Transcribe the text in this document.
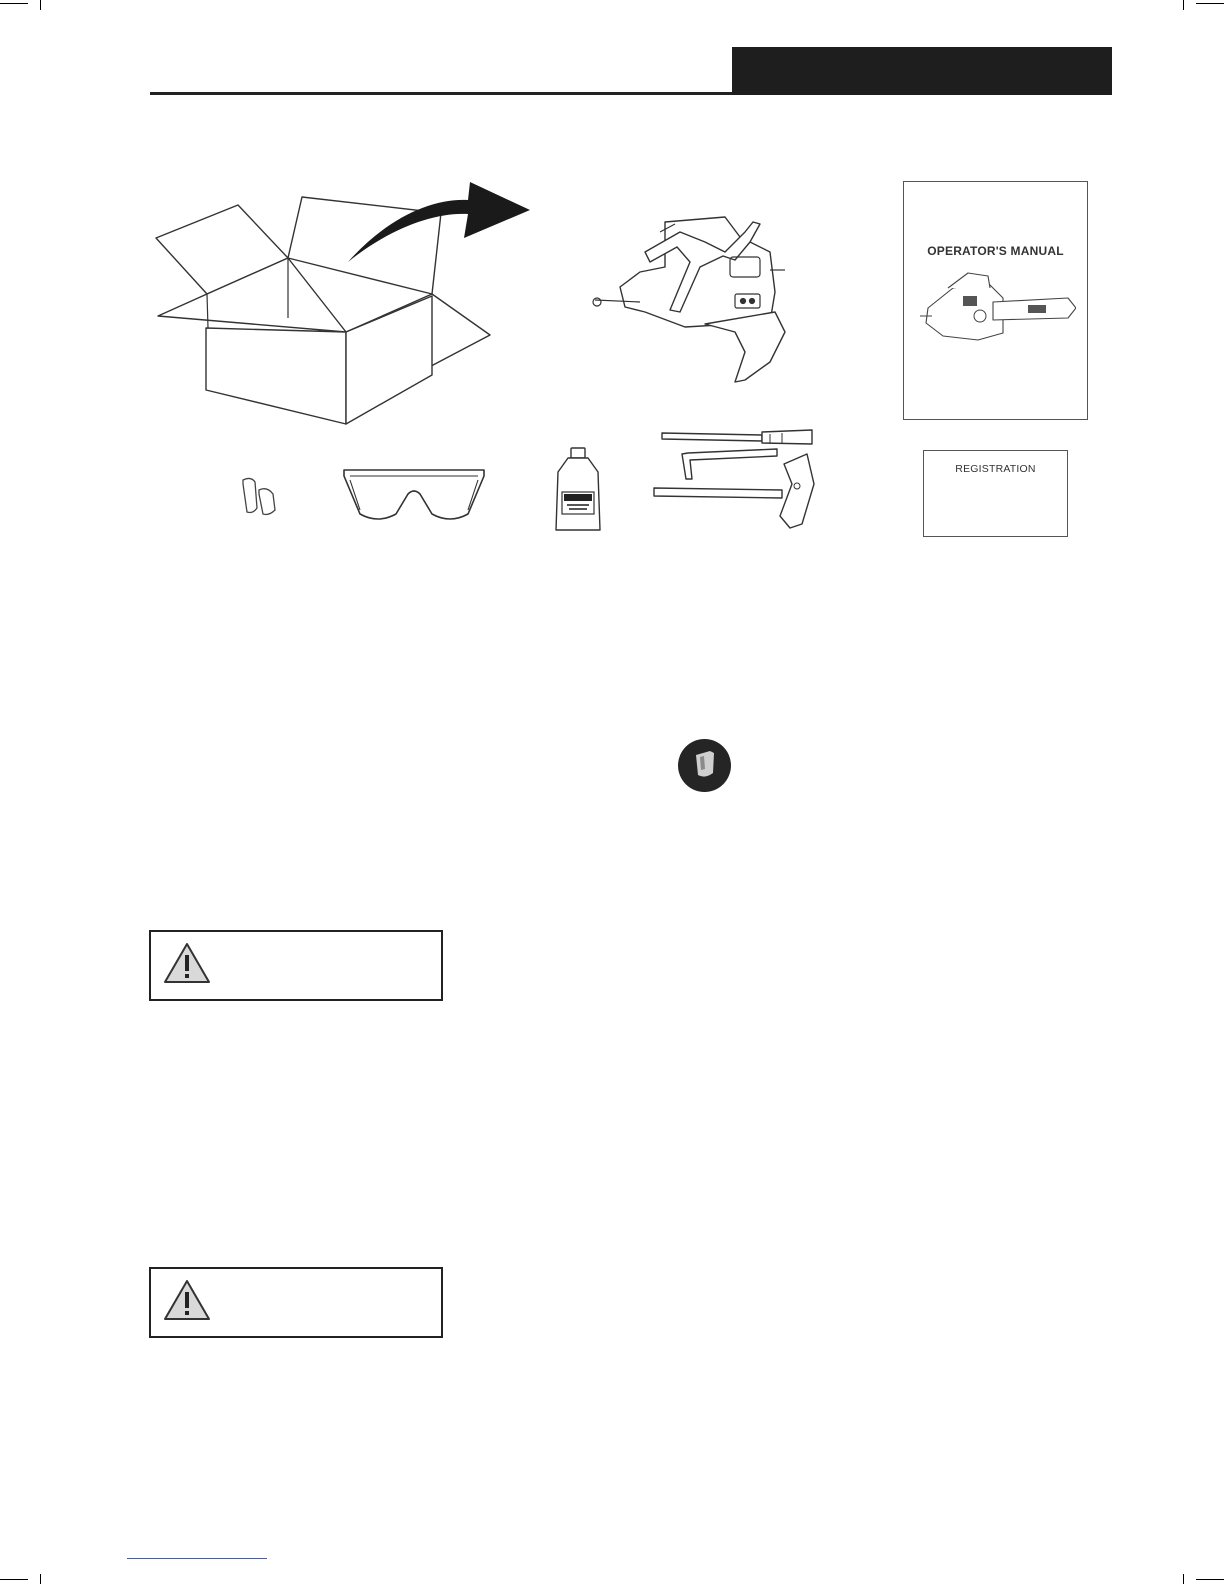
OPERATOR'S MANUAL
REGISTRATION
